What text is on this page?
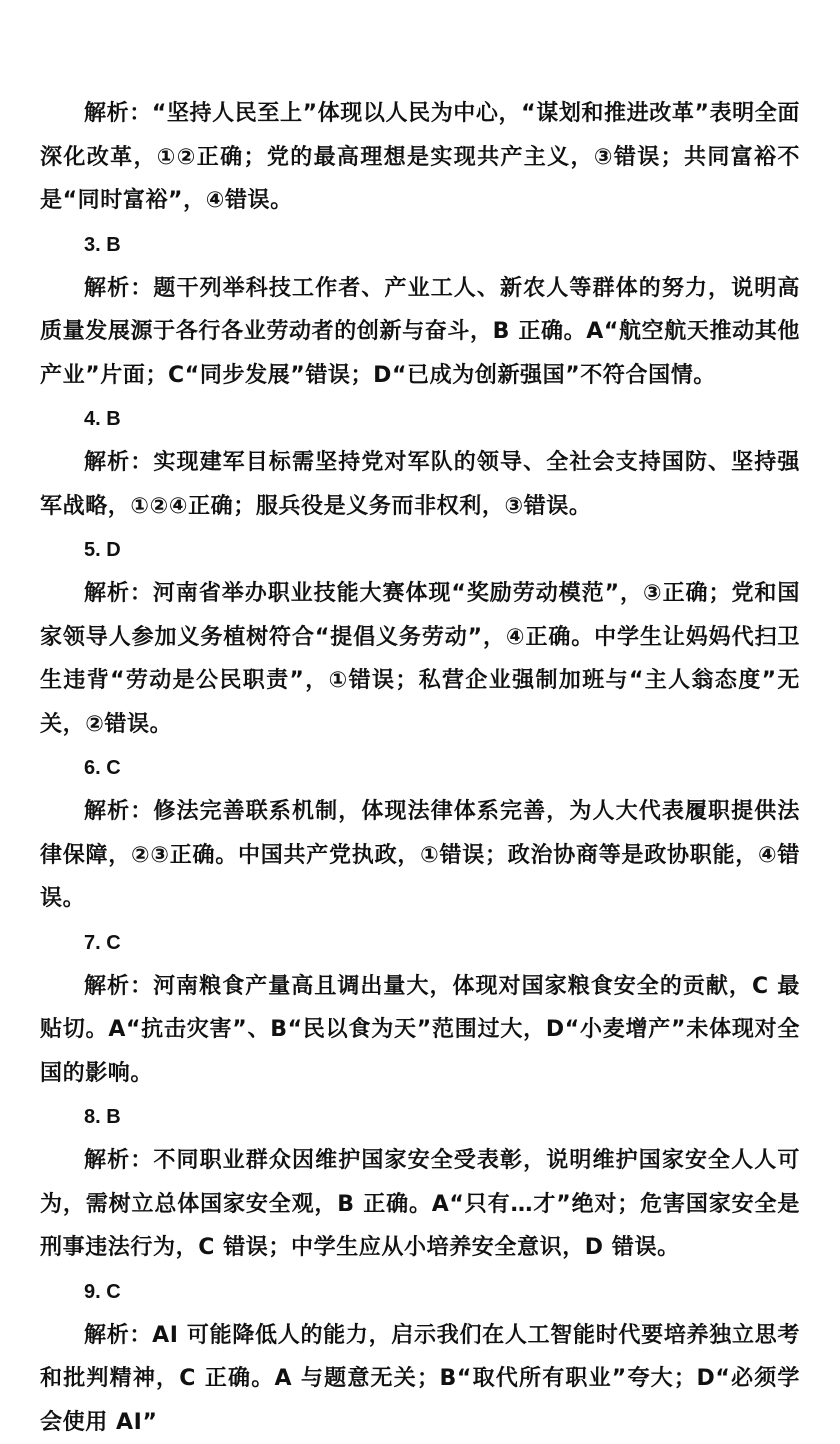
解析：“坚持人民至上”体现以人民为中心，“谋划和推进改革”表明全面深化改革，①②正确；党的最高理想是实现共产主义，③错误；共同富裕不是“同时富裕”，④错误。

3. B

解析：题干列举科技工作者、产业工人、新农人等群体的努力，说明高质量发展源于各行各业劳动者的创新与奋斗，B 正确。A“航空航天推动其他产业”片面；C“同步发展”错误；D“已成为创新强国”不符合国情。

4. B

解析：实现建军目标需坚持党对军队的领导、全社会支持国防、坚持强军战略，①②④正确；服兵役是义务而非权利，③错误。

5. D

解析：河南省举办职业技能大赛体现“奖励劳动模范”，③正确；党和国家领导人参加义务植树符合“提倡义务劳动”，④正确。中学生让妈妈代扫卫生违背“劳动是公民职责”，①错误；私营企业强制加班与“主人翁态度”无关，②错误。

6. C

解析：修法完善联系机制，体现法律体系完善，为人大代表履职提供法律保障，②③正确。中国共产党执政，①错误；政治协商等是政协职能，④错误。

7. C

解析：河南粮食产量高且调出量大，体现对国家粮食安全的贡献，C 最贴切。A“抗击灾害”、B“民以食为天”范围过大，D“小麦增产”未体现对全国的影响。

8. B

解析：不同职业群众因维护国家安全受表彰，说明维护国家安全人人可为，需树立总体国家安全观，B 正确。A“只有…才”绝对；危害国家安全是刑事违法行为，C 错误；中学生应从小培养安全意识，D 错误。

9. C

解析：AI 可能降低人的能力，启示我们在人工智能时代要培养独立思考和批判精神，C 正确。A 与题意无关；B“取代所有职业”夸大；D“必须学会使用 AI”
